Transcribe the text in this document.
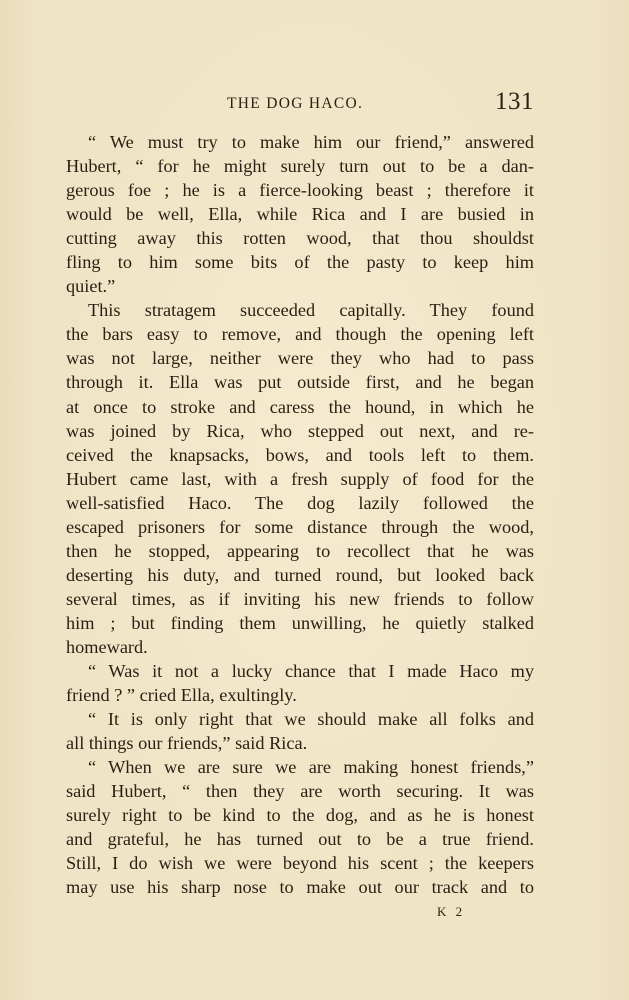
THE DOG HACO.	131
“ We must try to make him our friend,” answered
Hubert, “ for he might surely turn out to be a dan-
gerous foe ; he is a fierce-looking beast ; therefore it
would be well, Ella, while Rica and I are busied in
cutting away this rotten wood, that thou shouldst
fling to him some bits of the pasty to keep him
quiet.”
This stratagem succeeded capitally. They found
the bars easy to remove, and though the opening left
was not large, neither were they who had to pass
through it. Ella was put outside first, and he began
at once to stroke and caress the hound, in which he
was joined by Rica, who stepped out next, and re-
ceived the knapsacks, bows, and tools left to them.
Hubert came last, with a fresh supply of food for the
well-satisfied Haco. The dog lazily followed the
escaped prisoners for some distance through the wood,
then he stopped, appearing to recollect that he was
deserting his duty, and turned round, but looked back
several times, as if inviting his new friends to follow
him ; but finding them unwilling, he quietly stalked
homeward.
“ Was it not a lucky chance that I made Haco my
friend ? ” cried Ella, exultingly.
“ It is only right that we should make all folks and
all things our friends,” said Rica.
“ When we are sure we are making honest friends,”
said Hubert, “ then they are worth securing. It was
surely right to be kind to the dog, and as he is honest
and grateful, he has turned out to be a true friend.
Still, I do wish we were beyond his scent ; the keepers
may use his sharp nose to make out our track and to
K 2
